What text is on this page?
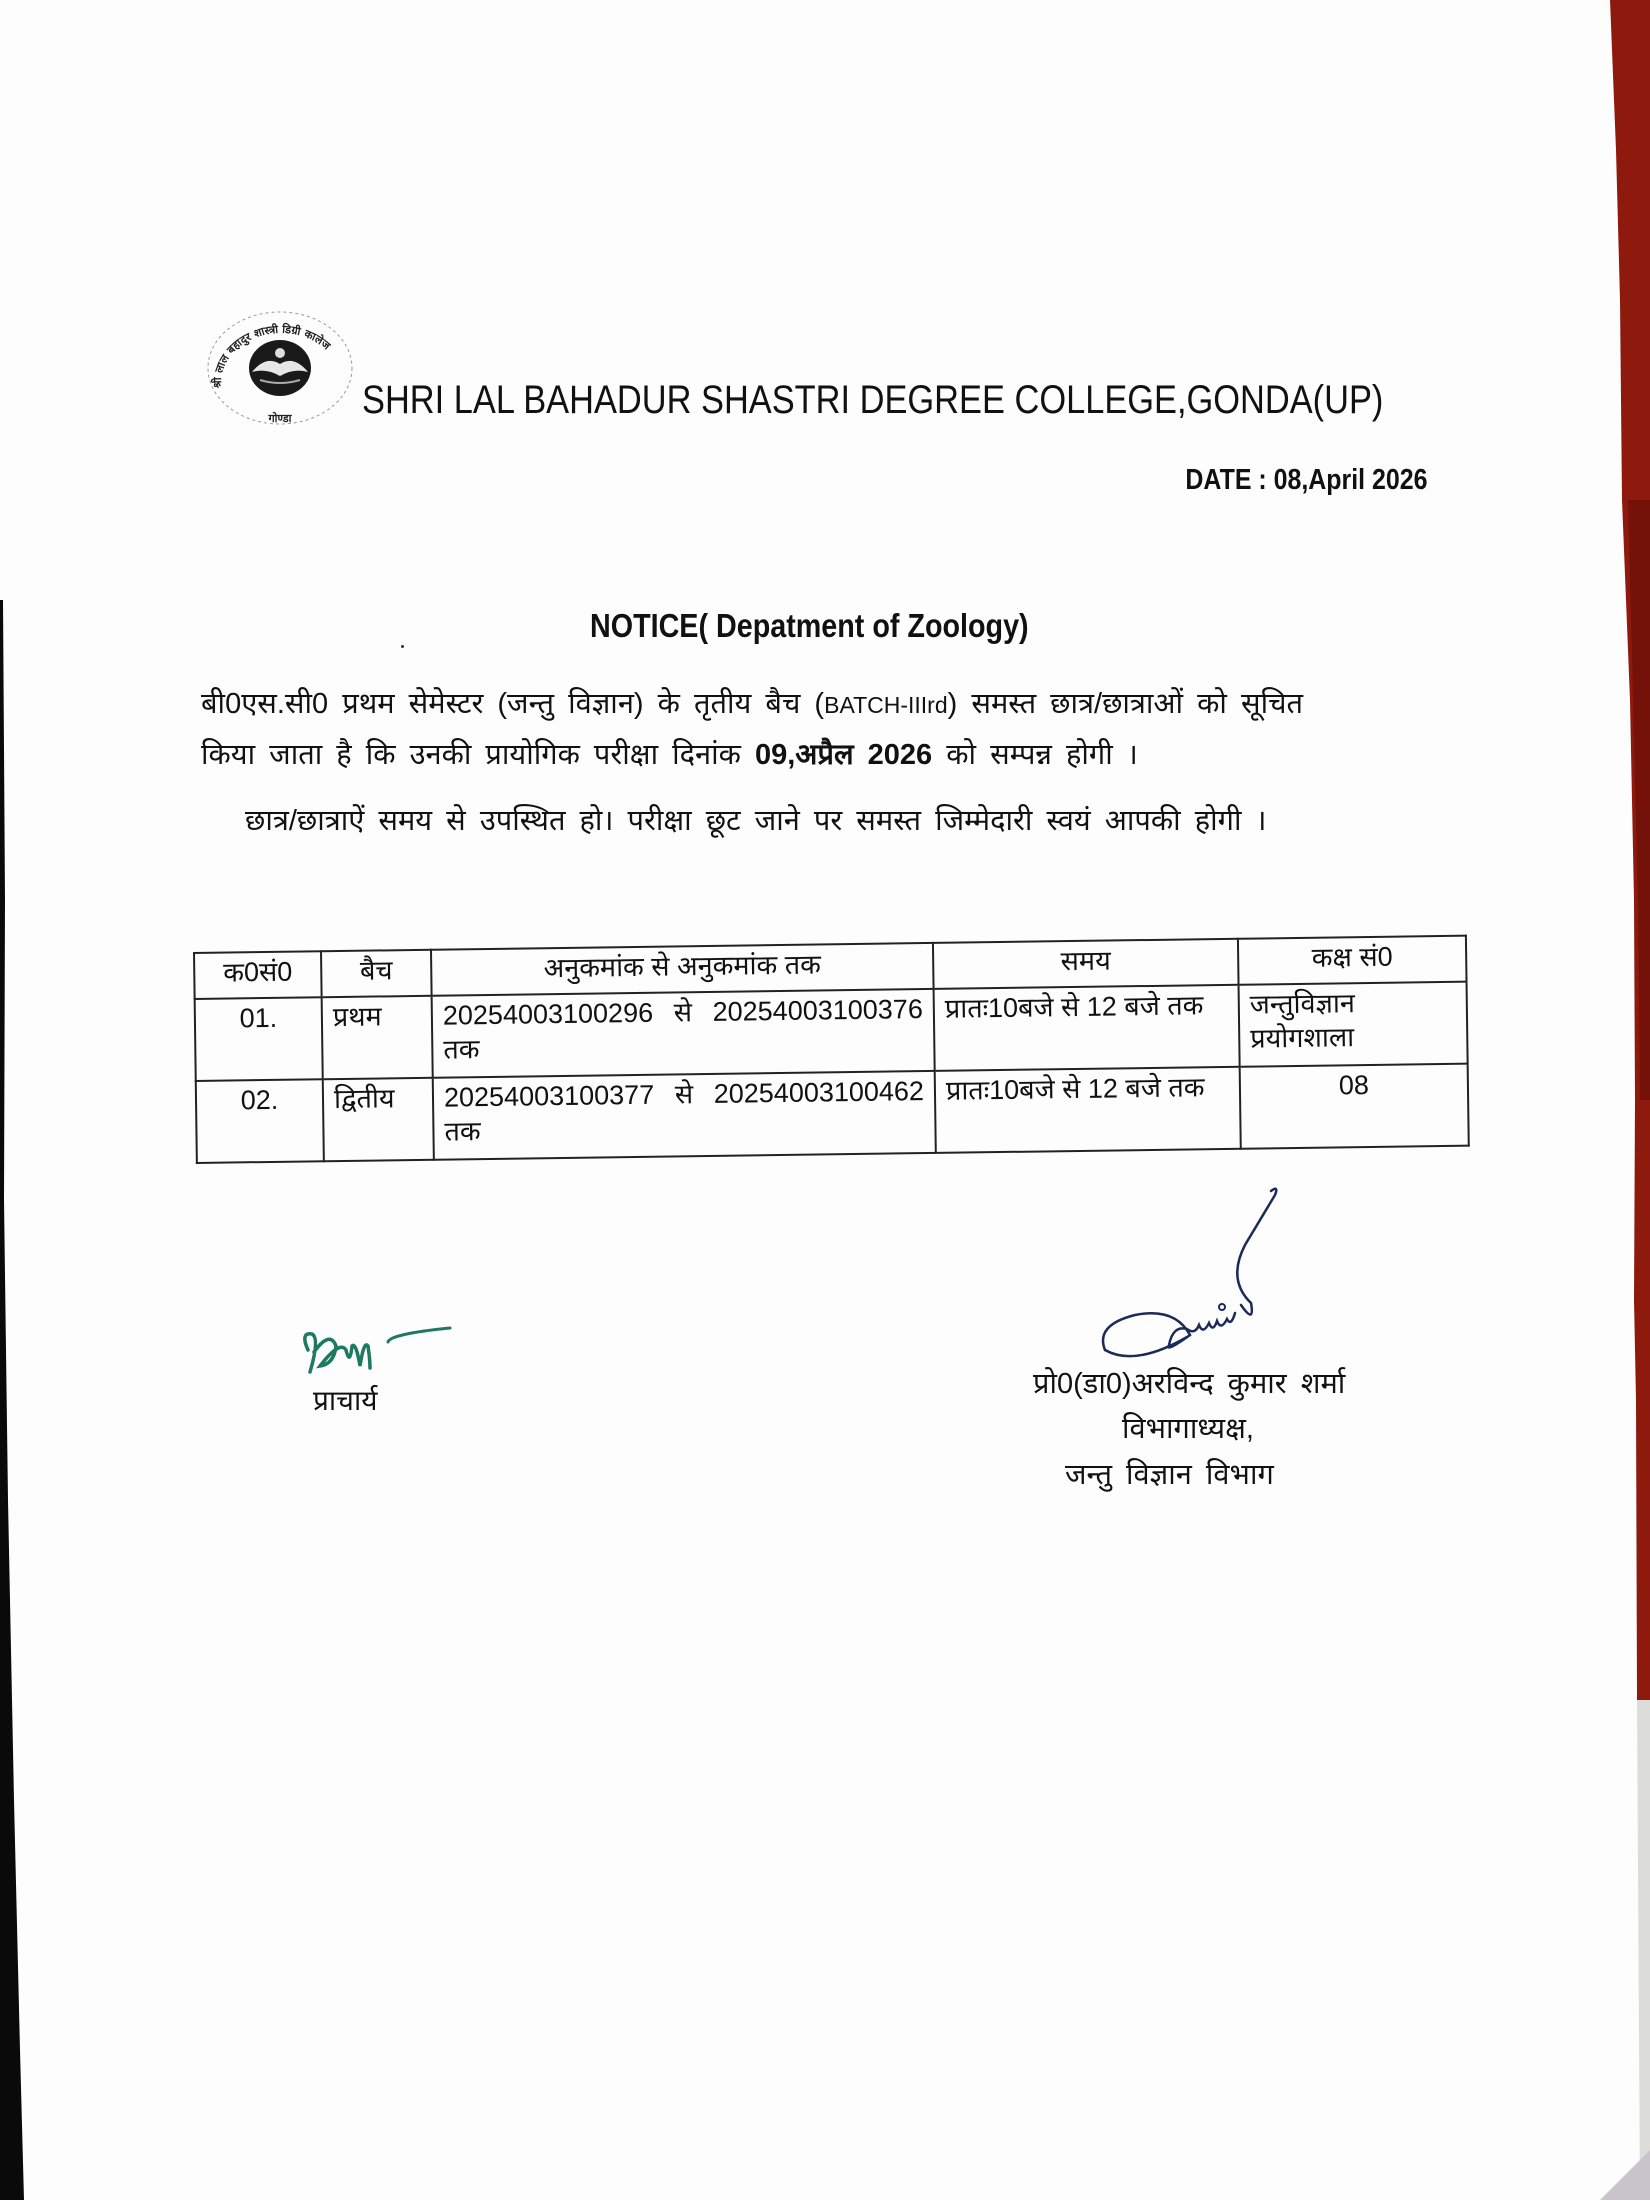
श्री लाल बहादुर शास्त्री डिग्री कालेज
गोण्डा SHRI LAL BAHADUR SHASTRI DEGREE COLLEGE,GONDA(UP)
DATE : 08,April 2026
NOTICE( Depatment of Zoology)
बी0एस.सी0 प्रथम सेमेस्टर (जन्तु विज्ञान) के तृतीय बैच (BATCH-IIIrd) समस्त छात्र/छात्राओं को सूचित
किया जाता है कि उनकी प्रायोगिक परीक्षा दिनांक 09,अप्रैल 2026 को सम्पन्न होगी ।
छात्र/छात्राऐं समय से उपस्थित हो। परीक्षा छूट जाने पर समस्त जिम्मेदारी स्वयं आपकी होगी ।
क0सं0	बैच	अनुकमांक से अनुकमांक तक	समय	कक्ष सं0
01.	प्रथम	20254003100296 से 20254003100376 तक	प्रातः10बजे से 12 बजे तक	जन्तुविज्ञान प्रयोगशाला
02.	द्वितीय	20254003100377 से 20254003100462 तक	प्रातः10बजे से 12 बजे तक	08
प्राचार्य
प्रो0(डा0)अरविन्द कुमार शर्मा
विभागाध्यक्ष,
जन्तु विज्ञान विभाग
